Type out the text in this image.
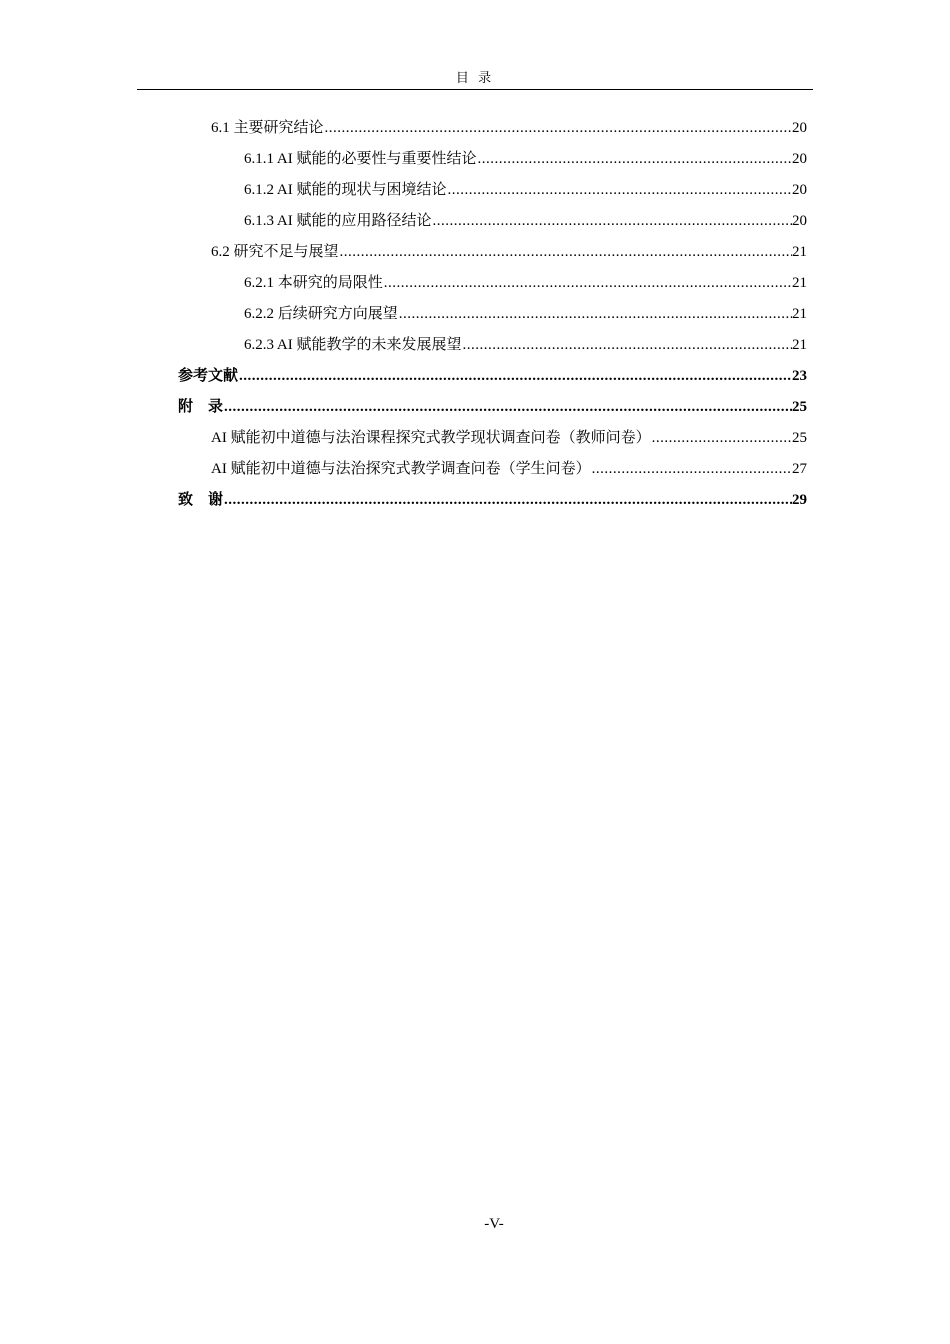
目 录
6.1 主要研究结论 .....	20
6.1.1 AI 赋能的必要性与重要性结论 .....	20
6.1.2 AI 赋能的现状与困境结论 .....	20
6.1.3 AI 赋能的应用路径结论 .....	20
6.2 研究不足与展望 .....	21
6.2.1 本研究的局限性 .....	21
6.2.2 后续研究方向展望 .....	21
6.2.3 AI 赋能教学的未来发展展望 .....	21
参考文献 .....	23
附　录 .....	25
AI 赋能初中道德与法治课程探究式教学现状调查问卷（教师问卷） .....	25
AI 赋能初中道德与法治探究式教学调查问卷（学生问卷） .....	27
致　谢 .....	29
-V-
